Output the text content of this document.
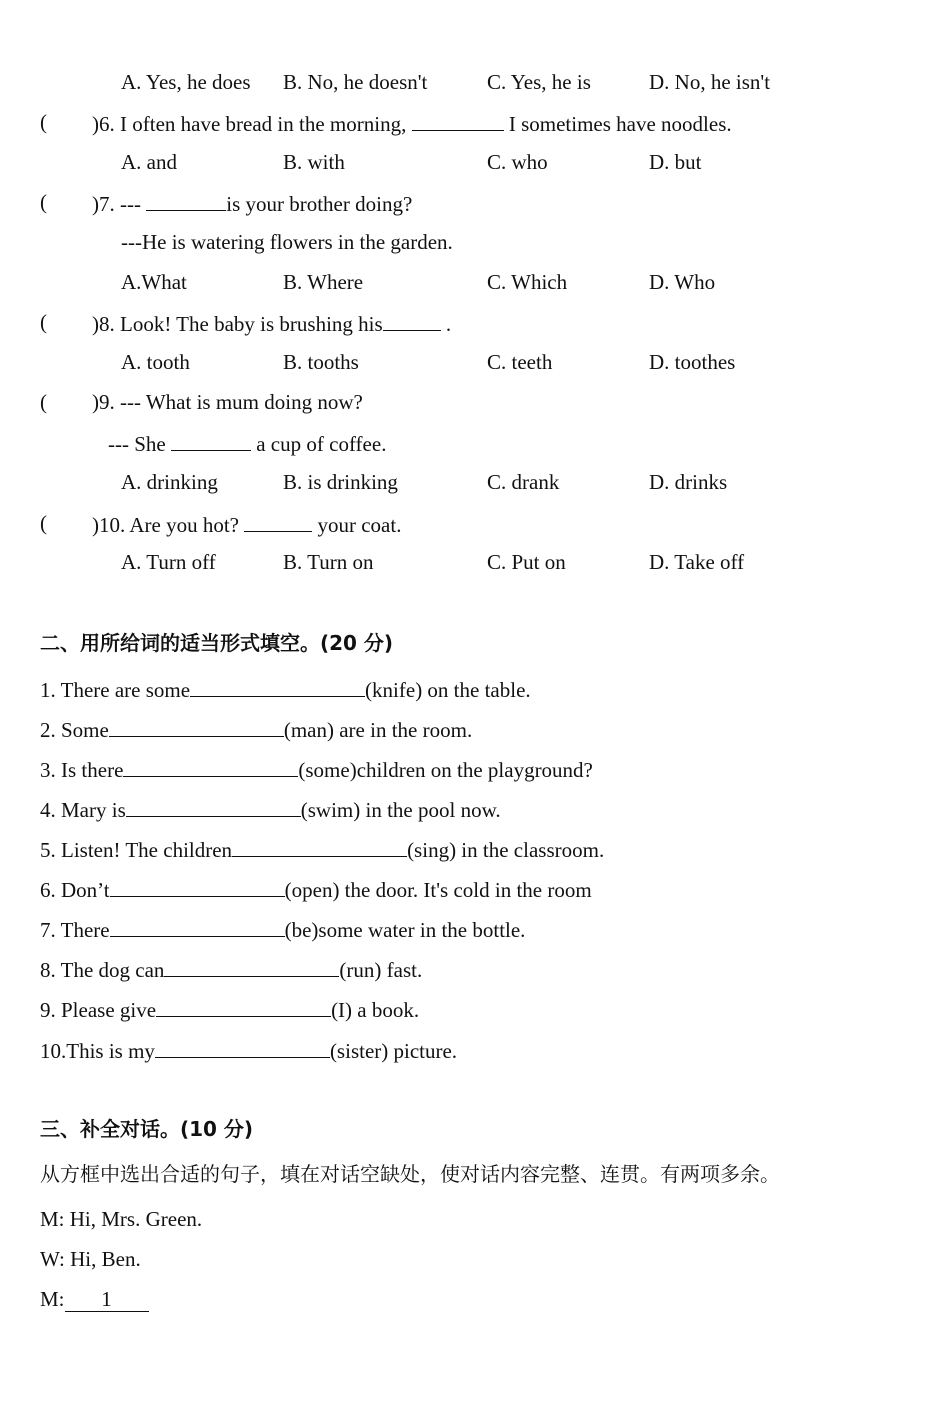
A. Yes, he does B. No, he doesn't	C. Yes, he is	D. No, he isn't
( )6. I often have bread in the morning,	I sometimes have noodles.
A. and	B. with	C. who	D. but
( )7. ---	is your brother doing?
---He is watering flowers in the garden.
A.What	B. Where	C. Which	D. Who
( )8. Look! The baby is brushing his	.
A. tooth	B. tooths	C. teeth	D. toothes
( )9. --- What is mum doing now?
--- She	a cup of coffee.
A. drinking	B. is drinking	C. drank	D. drinks
( )10. Are you hot?	your coat.
A. Turn off	B. Turn on	C. Put on	D. Take off
二、用所给词的适当形式填空。(20 分)
1. There are some	(knife) on the table.
2. Some	(man) are in the room.
3. Is there	(some)children on the playground?
4. Mary is	(swim) in the pool now.
5. Listen! The children	(sing) in the classroom.
6. Don’t	(open) the door. It's cold in the room
7. There	(be)some water in the bottle.
8. The dog can	(run) fast.
9. Please give	(I) a book.
10.This is my	(sister) picture.
三、补全对话。(10 分)
从方框中选出合适的句子，填在对话空缺处，使对话内容完整、连贯。有两项多余。
M: Hi, Mrs. Green.
W: Hi, Ben.
M: 1
